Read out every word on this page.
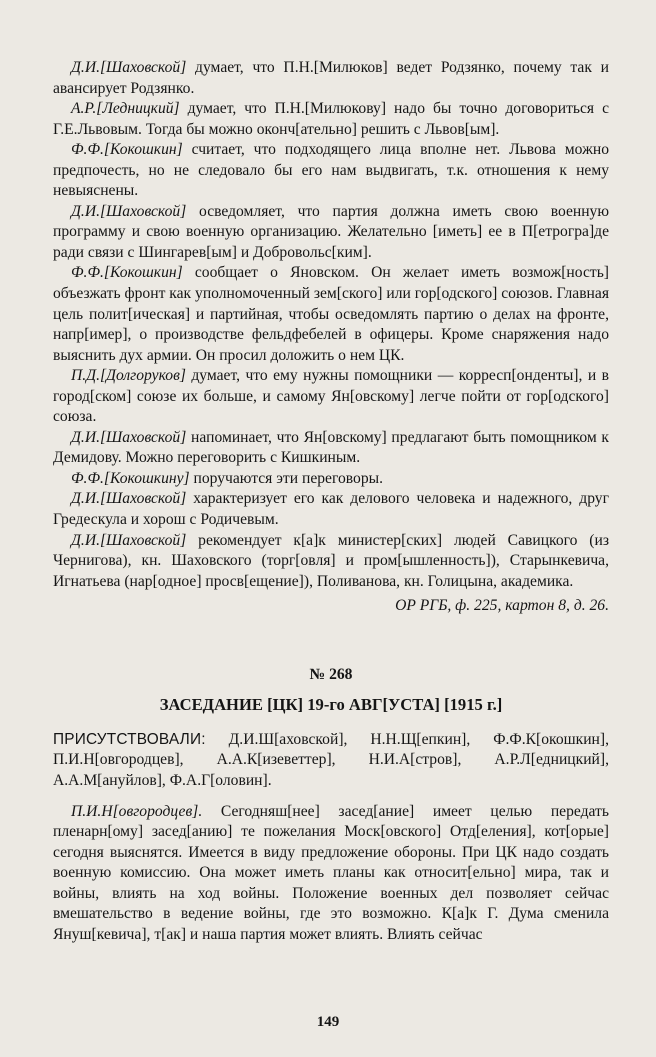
Д.И.[Шаховской] думает, что П.Н.[Милюков] ведет Родзянко, почему так и авансирует Родзянко.

А.Р.[Ледницкий] думает, что П.Н.[Милюкову] надо бы точно договориться с Г.Е.Львовым. Тогда бы можно оконч[ательно] решить с Львов[ым].

Ф.Ф.[Кокошкин] считает, что подходящего лица вполне нет. Львова можно предпочесть, но не следовало бы его нам выдвигать, т.к. отношения к нему невыяснены.

Д.И.[Шаховской] осведомляет, что партия должна иметь свою военную программу и свою военную организацию. Желательно [иметь] ее в П[етрогра]де ради связи с Шингарев[ым] и Добровольс[ким].

Ф.Ф.[Кокошкин] сообщает о Яновском. Он желает иметь возмож[ность] объезжать фронт как уполномоченный зем[ского] или гор[одского] союзов. Главная цель полит[ическая] и партийная, чтобы осведомлять партию о делах на фронте, напр[имер], о производстве фельдфебелей в офицеры. Кроме снаряжения надо выяснить дух армии. Он просил доложить о нем ЦК.

П.Д.[Долгоруков] думает, что ему нужны помощники — корресп[онденты], и в город[ском] союзе их больше, и самому Ян[овскому] легче пойти от гор[одского] союза.

Д.И.[Шаховской] напоминает, что Ян[овскому] предлагают быть помощником к Демидову. Можно переговорить с Кишкиным.

Ф.Ф.[Кокошкину] поручаются эти переговоры.

Д.И.[Шаховской] характеризует его как делового человека и надежного, друг Гредескула и хорош с Родичевым.

Д.И.[Шаховской] рекомендует к[а]к министер[ских] людей Савицкого (из Чернигова), кн. Шаховского (торг[овля] и пром[ышленность]), Старынкевича, Игнатьева (нар[одное] просв[ещение]), Поливанова, кн. Голицына, академика.

ОР РГБ, ф. 225, картон 8, д. 26.

№ 268

ЗАСЕДАНИЕ [ЦК] 19-го АВГ[УСТА] [1915 г.]

ПРИСУТСТВОВАЛИ: Д.И.Ш[аховской], Н.Н.Щ[епкин], Ф.Ф.К[окошкин], П.И.Н[овгородцев], А.А.К[изеветтер], Н.И.А[стров], А.Р.Л[едницкий], А.А.М[ануйлов], Ф.А.Г[оловин].

П.И.Н[овгородцев]. Сегодняш[нее] засед[ание] имеет целью передать пленарн[ому] засед[анию] те пожелания Моск[овского] Отд[еления], кот[орые] сегодня выяснятся. Имеется в виду предложение обороны. При ЦК надо создать военную комиссию. Она может иметь планы как относит[ельно] мира, так и войны, влиять на ход войны. Положение военных дел позволяет сейчас вмешательство в ведение войны, где это возможно. К[а]к Г. Дума сменила Януш[кевича], т[ак] и наша партия может влиять. Влиять сейчас

149
